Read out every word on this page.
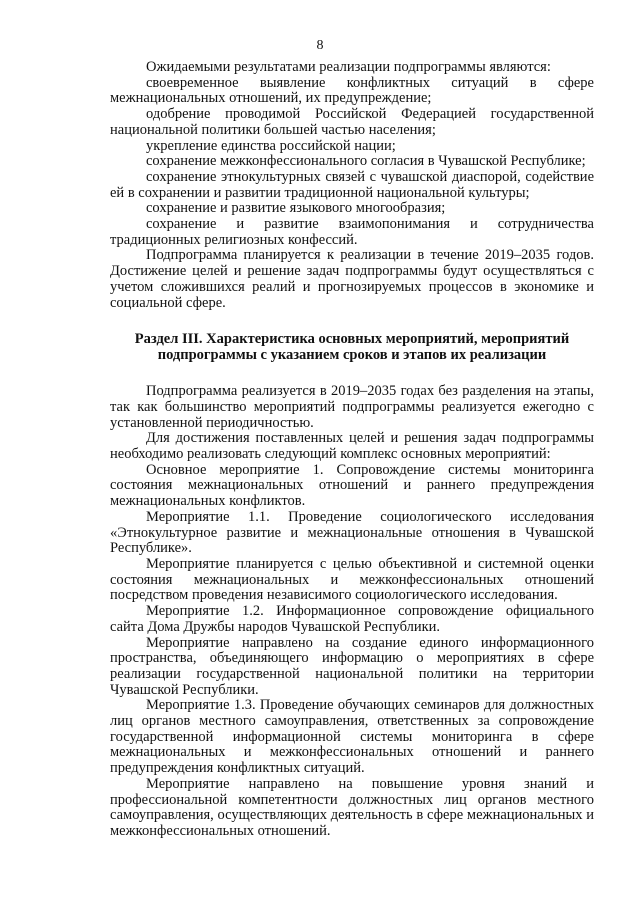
8

Ожидаемыми результатами реализации подпрограммы являются:

своевременное выявление конфликтных ситуаций в сфере межнациональных отношений, их предупреждение;

одобрение проводимой Российской Федерацией государственной национальной политики большей частью населения;

укрепление единства российской нации;

сохранение межконфессионального согласия в Чувашской Республике;

сохранение этнокультурных связей с чувашской диаспорой, содействие ей в сохранении и развитии традиционной национальной культуры;

сохранение и развитие языкового многообразия;

сохранение и развитие взаимопонимания и сотрудничества традиционных религиозных конфессий.

Подпрограмма планируется к реализации в течение 2019–2035 годов. Достижение целей и решение задач подпрограммы будут осуществляться с учетом сложившихся реалий и прогнозируемых процессов в экономике и социальной сфере.

Раздел III. Характеристика основных мероприятий, мероприятий
подпрограммы с указанием сроков и этапов их реализации

Подпрограмма реализуется в 2019–2035 годах без разделения на этапы, так как большинство мероприятий подпрограммы реализуется ежегодно с установленной периодичностью.

Для достижения поставленных целей и решения задач подпрограммы необходимо реализовать следующий комплекс основных мероприятий:

Основное мероприятие 1. Сопровождение системы мониторинга состояния межнациональных отношений и раннего предупреждения межнациональных конфликтов.

Мероприятие 1.1. Проведение социологического исследования «Этнокультурное развитие и межнациональные отношения в Чувашской Республике».

Мероприятие планируется с целью объективной и системной оценки состояния межнациональных и межконфессиональных отношений посредством проведения независимого социологического исследования.

Мероприятие 1.2. Информационное сопровождение официального сайта Дома Дружбы народов Чувашской Республики.

Мероприятие направлено на создание единого информационного пространства, объединяющего информацию о мероприятиях в сфере реализации государственной национальной политики на территории Чувашской Республики.

Мероприятие 1.3. Проведение обучающих семинаров для должностных лиц органов местного самоуправления, ответственных за сопровождение государственной информационной системы мониторинга в сфере межнациональных и межконфессиональных отношений и раннего предупреждения конфликтных ситуаций.

Мероприятие направлено на повышение уровня знаний и профессиональной компетентности должностных лиц органов местного самоуправления, осуществляющих деятельность в сфере межнациональных и межконфессиональных отношений.
